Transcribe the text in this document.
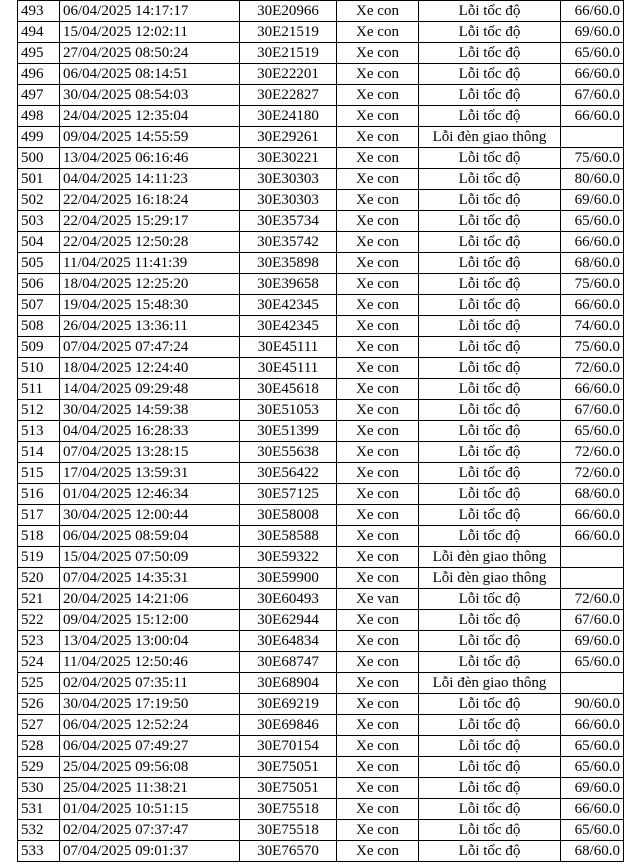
493	06/04/2025 14:17:17	30E20966	Xe con	Lỗi tốc độ	66/60.0
494	15/04/2025 12:02:11	30E21519	Xe con	Lỗi tốc độ	69/60.0
495	27/04/2025 08:50:24	30E21519	Xe con	Lỗi tốc độ	65/60.0
496	06/04/2025 08:14:51	30E22201	Xe con	Lỗi tốc độ	66/60.0
497	30/04/2025 08:54:03	30E22827	Xe con	Lỗi tốc độ	67/60.0
498	24/04/2025 12:35:04	30E24180	Xe con	Lỗi tốc độ	66/60.0
499	09/04/2025 14:55:59	30E29261	Xe con	Lỗi đèn giao thông	
500	13/04/2025 06:16:46	30E30221	Xe con	Lỗi tốc độ	75/60.0
501	04/04/2025 14:11:23	30E30303	Xe con	Lỗi tốc độ	80/60.0
502	22/04/2025 16:18:24	30E30303	Xe con	Lỗi tốc độ	69/60.0
503	22/04/2025 15:29:17	30E35734	Xe con	Lỗi tốc độ	65/60.0
504	22/04/2025 12:50:28	30E35742	Xe con	Lỗi tốc độ	66/60.0
505	11/04/2025 11:41:39	30E35898	Xe con	Lỗi tốc độ	68/60.0
506	18/04/2025 12:25:20	30E39658	Xe con	Lỗi tốc độ	75/60.0
507	19/04/2025 15:48:30	30E42345	Xe con	Lỗi tốc độ	66/60.0
508	26/04/2025 13:36:11	30E42345	Xe con	Lỗi tốc độ	74/60.0
509	07/04/2025 07:47:24	30E45111	Xe con	Lỗi tốc độ	75/60.0
510	18/04/2025 12:24:40	30E45111	Xe con	Lỗi tốc độ	72/60.0
511	14/04/2025 09:29:48	30E45618	Xe con	Lỗi tốc độ	66/60.0
512	30/04/2025 14:59:38	30E51053	Xe con	Lỗi tốc độ	67/60.0
513	04/04/2025 16:28:33	30E51399	Xe con	Lỗi tốc độ	65/60.0
514	07/04/2025 13:28:15	30E55638	Xe con	Lỗi tốc độ	72/60.0
515	17/04/2025 13:59:31	30E56422	Xe con	Lỗi tốc độ	72/60.0
516	01/04/2025 12:46:34	30E57125	Xe con	Lỗi tốc độ	68/60.0
517	30/04/2025 12:00:44	30E58008	Xe con	Lỗi tốc độ	66/60.0
518	06/04/2025 08:59:04	30E58588	Xe con	Lỗi tốc độ	66/60.0
519	15/04/2025 07:50:09	30E59322	Xe con	Lỗi đèn giao thông	
520	07/04/2025 14:35:31	30E59900	Xe con	Lỗi đèn giao thông	
521	20/04/2025 14:21:06	30E60493	Xe van	Lỗi tốc độ	72/60.0
522	09/04/2025 15:12:00	30E62944	Xe con	Lỗi tốc độ	67/60.0
523	13/04/2025 13:00:04	30E64834	Xe con	Lỗi tốc độ	69/60.0
524	11/04/2025 12:50:46	30E68747	Xe con	Lỗi tốc độ	65/60.0
525	02/04/2025 07:35:11	30E68904	Xe con	Lỗi đèn giao thông	
526	30/04/2025 17:19:50	30E69219	Xe con	Lỗi tốc độ	90/60.0
527	06/04/2025 12:52:24	30E69846	Xe con	Lỗi tốc độ	66/60.0
528	06/04/2025 07:49:27	30E70154	Xe con	Lỗi tốc độ	65/60.0
529	25/04/2025 09:56:08	30E75051	Xe con	Lỗi tốc độ	65/60.0
530	25/04/2025 11:38:21	30E75051	Xe con	Lỗi tốc độ	69/60.0
531	01/04/2025 10:51:15	30E75518	Xe con	Lỗi tốc độ	66/60.0
532	02/04/2025 07:37:47	30E75518	Xe con	Lỗi tốc độ	65/60.0
533	07/04/2025 09:01:37	30E76570	Xe con	Lỗi tốc độ	68/60.0
